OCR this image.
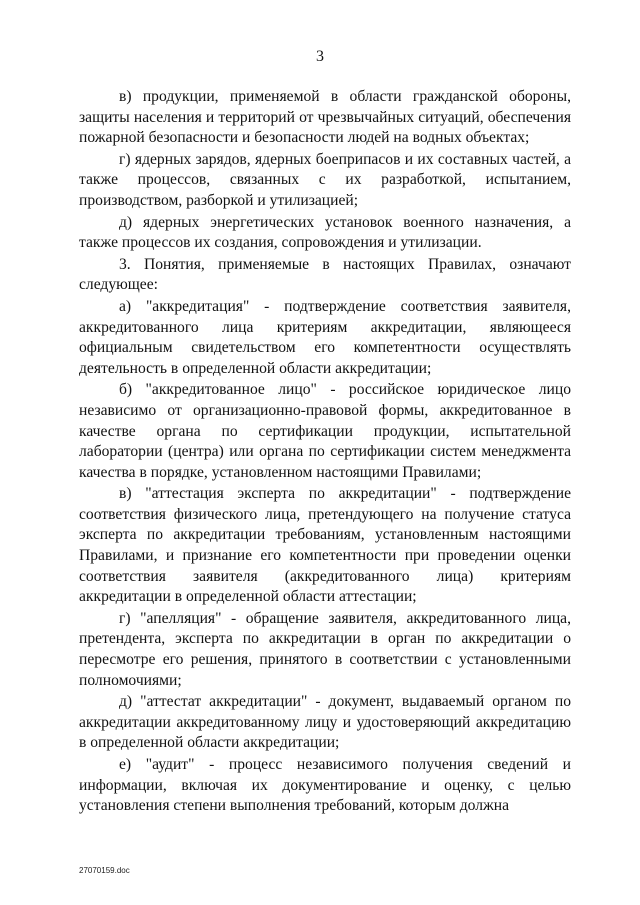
3

в) продукции, применяемой в области гражданской обороны, защиты населения и территорий от чрезвычайных ситуаций, обеспечения пожарной безопасности и безопасности людей на водных объектах;

г) ядерных зарядов, ядерных боеприпасов и их составных частей, а также процессов, связанных с их разработкой, испытанием, производством, разборкой и утилизацией;

д) ядерных энергетических установок военного назначения, а также процессов их создания, сопровождения и утилизации.

3. Понятия, применяемые в настоящих Правилах, означают следующее:

а) "аккредитация" - подтверждение соответствия заявителя, аккредитованного лица критериям аккредитации, являющееся официальным свидетельством его компетентности осуществлять деятельность в определенной области аккредитации;

б) "аккредитованное лицо" - российское юридическое лицо независимо от организационно-правовой формы, аккредитованное в качестве органа по сертификации продукции, испытательной лаборатории (центра) или органа по сертификации систем менеджмента качества в порядке, установленном настоящими Правилами;

в) "аттестация эксперта по аккредитации" - подтверждение соответствия физического лица, претендующего на получение статуса эксперта по аккредитации требованиям, установленным настоящими Правилами, и признание его компетентности при проведении оценки соответствия заявителя (аккредитованного лица) критериям аккредитации в определенной области аттестации;

г) "апелляция" - обращение заявителя, аккредитованного лица, претендента, эксперта по аккредитации в орган по аккредитации о пересмотре его решения, принятого в соответствии с установленными полномочиями;

д) "аттестат аккредитации" - документ, выдаваемый органом по аккредитации аккредитованному лицу и удостоверяющий аккредитацию в определенной области аккредитации;

е) "аудит" - процесс независимого получения сведений и информации, включая их документирование и оценку, с целью установления степени выполнения требований, которым должна

27070159.doc
